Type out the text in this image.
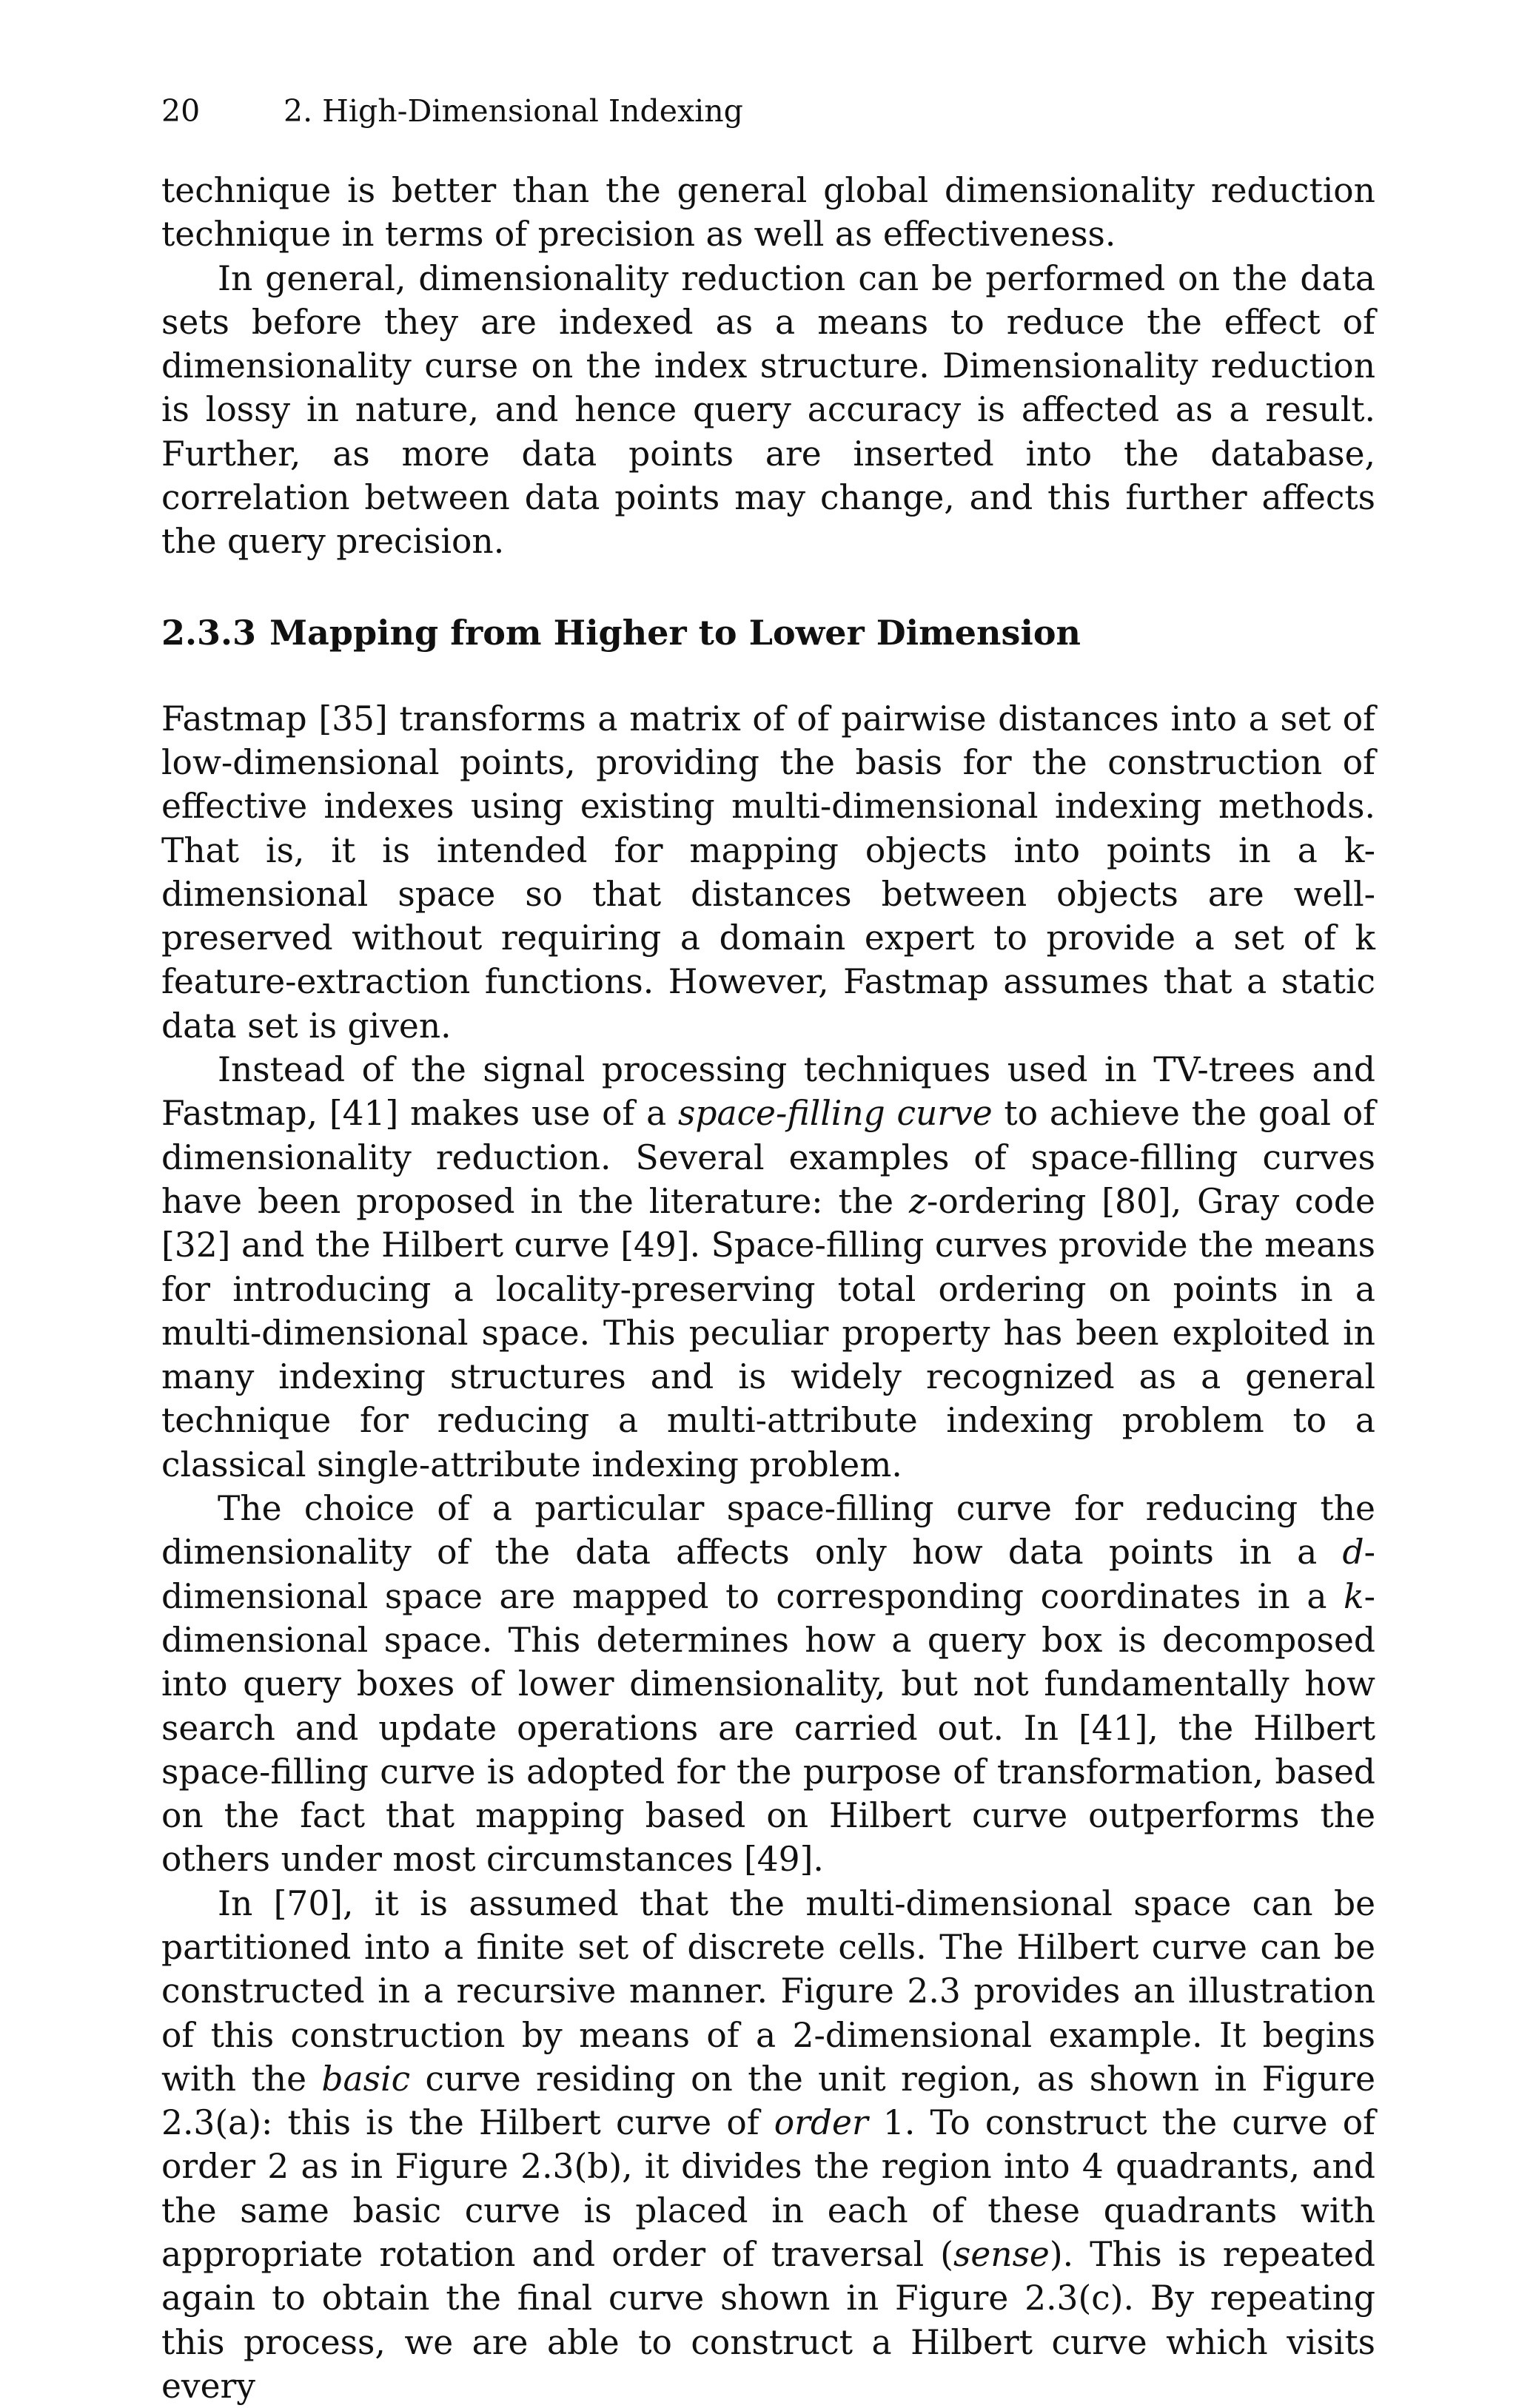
20	2. High-Dimensional Indexing

technique is better than the general global dimensionality reduction technique in terms of precision as well as effectiveness.

In general, dimensionality reduction can be performed on the data sets before they are indexed as a means to reduce the effect of dimensionality curse on the index structure. Dimensionality reduction is lossy in nature, and hence query accuracy is affected as a result. Further, as more data points are inserted into the database, correlation between data points may change, and this further affects the query precision.

2.3.3 Mapping from Higher to Lower Dimension

Fastmap [35] transforms a matrix of of pairwise distances into a set of low-dimensional points, providing the basis for the construction of effective indexes using existing multi-dimensional indexing methods. That is, it is intended for mapping objects into points in a k-dimensional space so that distances between objects are well-preserved without requiring a domain expert to provide a set of k feature-extraction functions. However, Fastmap assumes that a static data set is given.

Instead of the signal processing techniques used in TV-trees and Fastmap, [41] makes use of a space-filling curve to achieve the goal of dimensionality reduction. Several examples of space-filling curves have been proposed in the literature: the z-ordering [80], Gray code [32] and the Hilbert curve [49]. Space-filling curves provide the means for introducing a locality-preserving total ordering on points in a multi-dimensional space. This peculiar property has been exploited in many indexing structures and is widely recognized as a general technique for reducing a multi-attribute indexing problem to a classical single-attribute indexing problem.

The choice of a particular space-filling curve for reducing the dimensionality of the data affects only how data points in a d-dimensional space are mapped to corresponding coordinates in a k-dimensional space. This determines how a query box is decomposed into query boxes of lower dimensionality, but not fundamentally how search and update operations are carried out. In [41], the Hilbert space-filling curve is adopted for the purpose of transformation, based on the fact that mapping based on Hilbert curve outperforms the others under most circumstances [49].

In [70], it is assumed that the multi-dimensional space can be partitioned into a finite set of discrete cells. The Hilbert curve can be constructed in a recursive manner. Figure 2.3 provides an illustration of this construction by means of a 2-dimensional example. It begins with the basic curve residing on the unit region, as shown in Figure 2.3(a): this is the Hilbert curve of order 1. To construct the curve of order 2 as in Figure 2.3(b), it divides the region into 4 quadrants, and the same basic curve is placed in each of these quadrants with appropriate rotation and order of traversal (sense). This is repeated again to obtain the final curve shown in Figure 2.3(c). By repeating this process, we are able to construct a Hilbert curve which visits every
